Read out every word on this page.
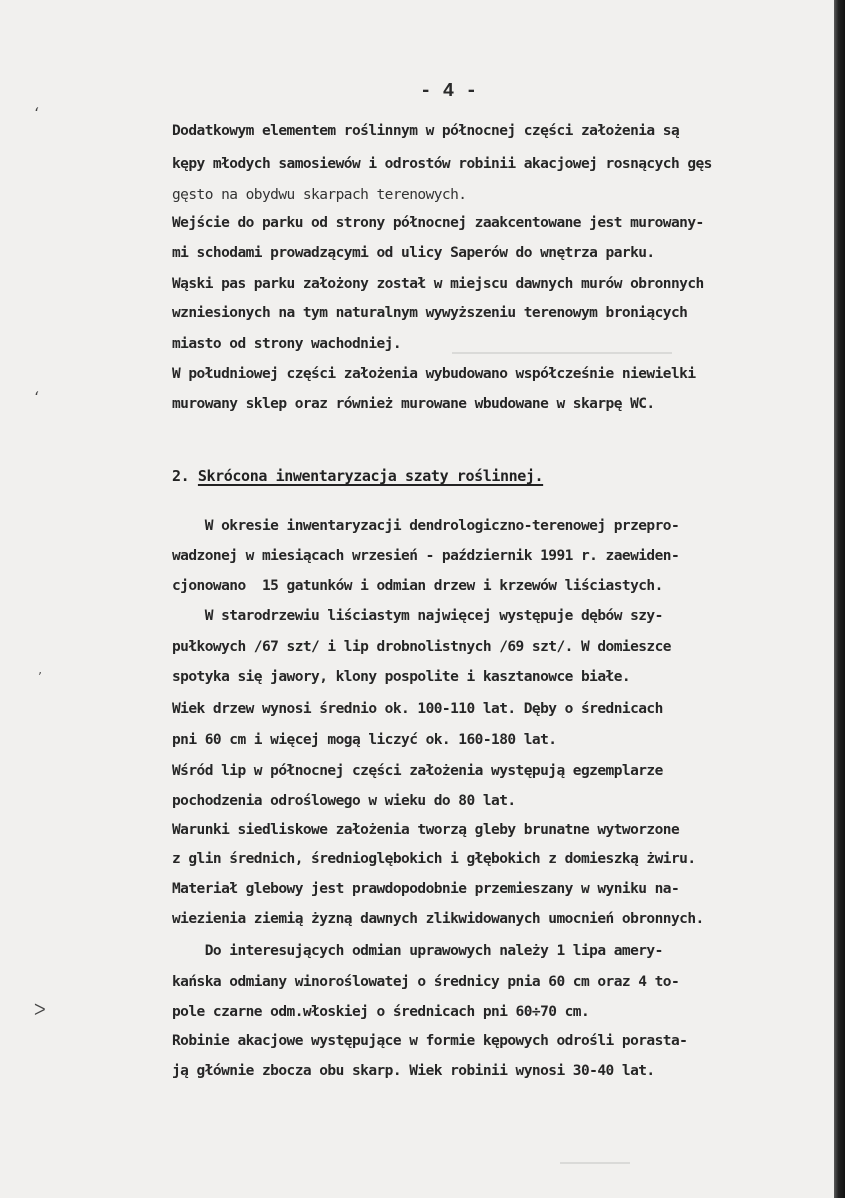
- 4 -
‘
‘
’
ᐳ
Dodatkowym elementem roślinnym w północnej części założenia są
kępy młodych samosiewów i odrostów robinii akacjowej rosnących gęs
gęsto na obydwu skarpach terenowych.
Wejście do parku od strony północnej zaakcentowane jest murowany-
mi schodami prowadzącymi od ulicy Saperów do wnętrza parku.
Wąski pas parku założony został w miejscu dawnych murów obronnych
wzniesionych na tym naturalnym wywyższeniu terenowym broniących
miasto od strony wachodniej.
W południowej części założenia wybudowano współcześnie niewielki
murowany sklep oraz również murowane wbudowane w skarpę WC.
2. Skrócona inwentaryzacja szaty roślinnej.
W okresie inwentaryzacji dendrologiczno-terenowej przepro-
wadzonej w miesiącach wrzesień - październik 1991 r. zaewiden-
cjonowano  15 gatunków i odmian drzew i krzewów liściastych.
W starodrzewiu liściastym najwięcej występuje dębów szy-
pułkowych /67 szt/ i lip drobnolistnych /69 szt/. W domieszce
spotyka się jawory, klony pospolite i kasztanowce białe.
Wiek drzew wynosi średnio ok. 100-110 lat. Dęby o średnicach
pni 60 cm i więcej mogą liczyć ok. 160-180 lat.
Wśród lip w północnej części założenia występują egzemplarze
pochodzenia odroślowego w wieku do 80 lat.
Warunki siedliskowe założenia tworzą gleby brunatne wytworzone
z glin średnich, średnioglębokich i głębokich z domieszką żwiru.
Materiał glebowy jest prawdopodobnie przemieszany w wyniku na-
wiezienia ziemią żyzną dawnych zlikwidowanych umocnień obronnych.
Do interesujących odmian uprawowych należy 1 lipa amery-
kańska odmiany winoroślowatej o średnicy pnia 60 cm oraz 4 to-
pole czarne odm.włoskiej o średnicach pni 60÷70 cm.
Robinie akacjowe występujące w formie kępowych odrośli porasta-
ją głównie zbocza obu skarp. Wiek robinii wynosi 30-40 lat.
